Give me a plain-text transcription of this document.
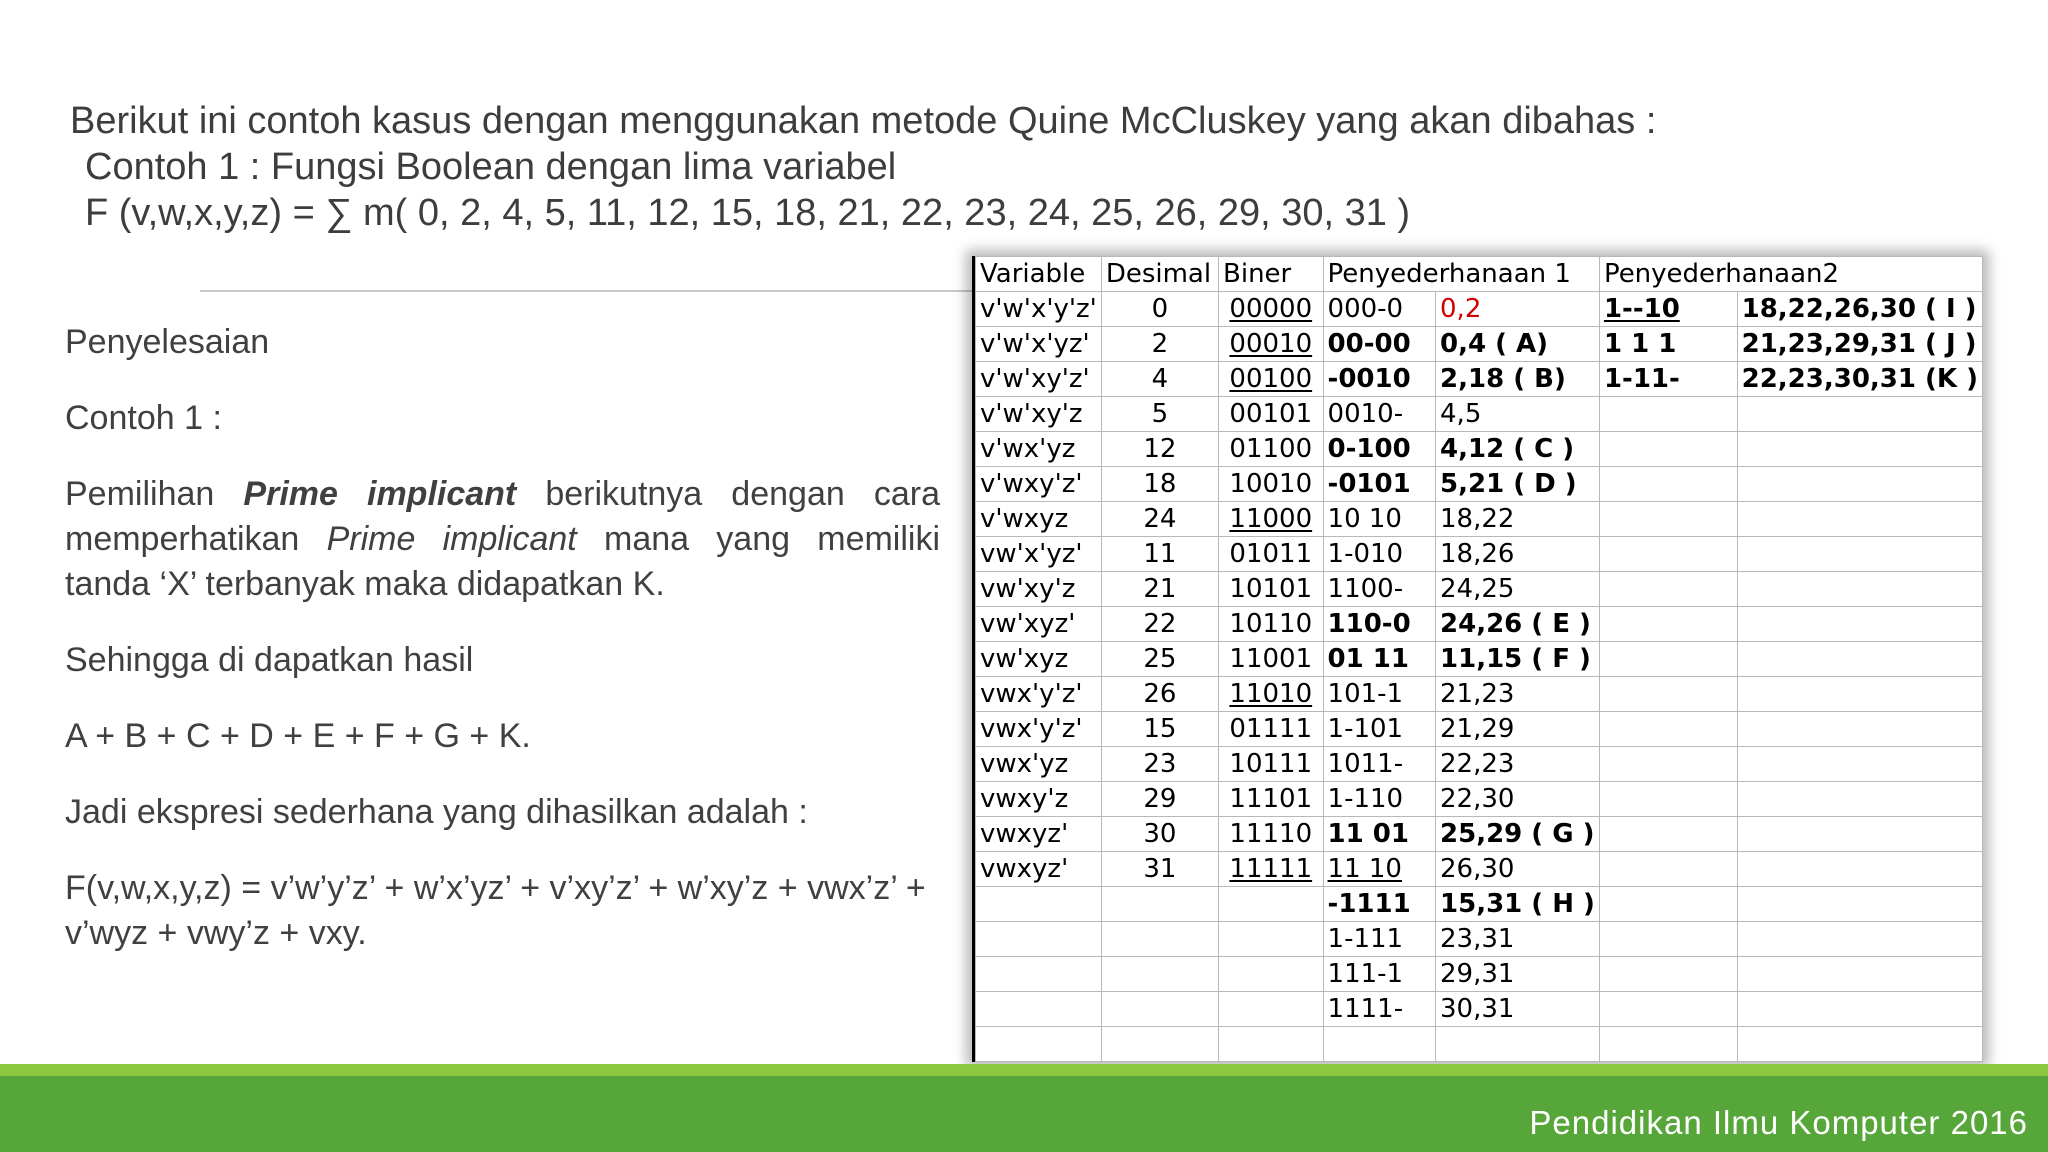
Berikut ini contoh kasus dengan menggunakan metode Quine McCluskey yang akan dibahas :
Contoh 1 : Fungsi Boolean dengan lima variabel
F (v,w,x,y,z) = ∑ m( 0, 2, 4, 5, 11, 12, 15, 18, 21, 22, 23, 24, 25, 26, 29, 30, 31 )

Penyelesaian

Contoh 1 :

Pemilihan Prime implicant berikutnya dengan cara memperhatikan Prime implicant mana yang memiliki tanda ‘X’ terbanyak maka didapatkan K.

Sehingga di dapatkan hasil

A + B + C + D + E + F + G + K.

Jadi ekspresi sederhana yang dihasilkan adalah :

F(v,w,x,y,z) = v’w’y’z’ + w’x’yz’ + v’xy’z’ + w’xy’z + vwx’z’ + v’wyz + vwy’z + vxy.

Variable	Desimal	Biner	Penyederhanaan 1		Penyederhanaan2	
v'w'x'y'z'	0	00000	000-0	0,2	1--10	18,22,26,30 ( I )
v'w'x'yz'	2	00010	00-00	0,4 ( A)	1 1 1	21,23,29,31 ( J )
v'w'xy'z'	4	00100	-0010	2,18 ( B)	1-11-	22,23,30,31 (K )
v'w'xy'z	5	00101	0010-	4,5		
v'wx'yz	12	01100	0-100	4,12 ( C )		
v'wxy'z'	18	10010	-0101	5,21 ( D )		
v'wxyz	24	11000	10 10	18,22		
vw'x'yz'	11	01011	1-010	18,26		
vw'xy'z	21	10101	1100-	24,25		
vw'xyz'	22	10110	110-0	24,26 ( E )		
vw'xyz	25	11001	01 11	11,15 ( F )		
vwx'y'z'	26	11010	101-1	21,23		
vwx'y'z'	15	01111	1-101	21,29		
vwx'yz	23	10111	1011-	22,23		
vwxy'z	29	11101	1-110	22,30		
vwxyz'	30	11110	11 01	25,29 ( G )		
vwxyz'	31	11111	11 10	26,30		
			-1111	15,31 ( H )		
			1-111	23,31		
			111-1	29,31		
			1111-	30,31		

Pendidikan Ilmu Komputer 2016
